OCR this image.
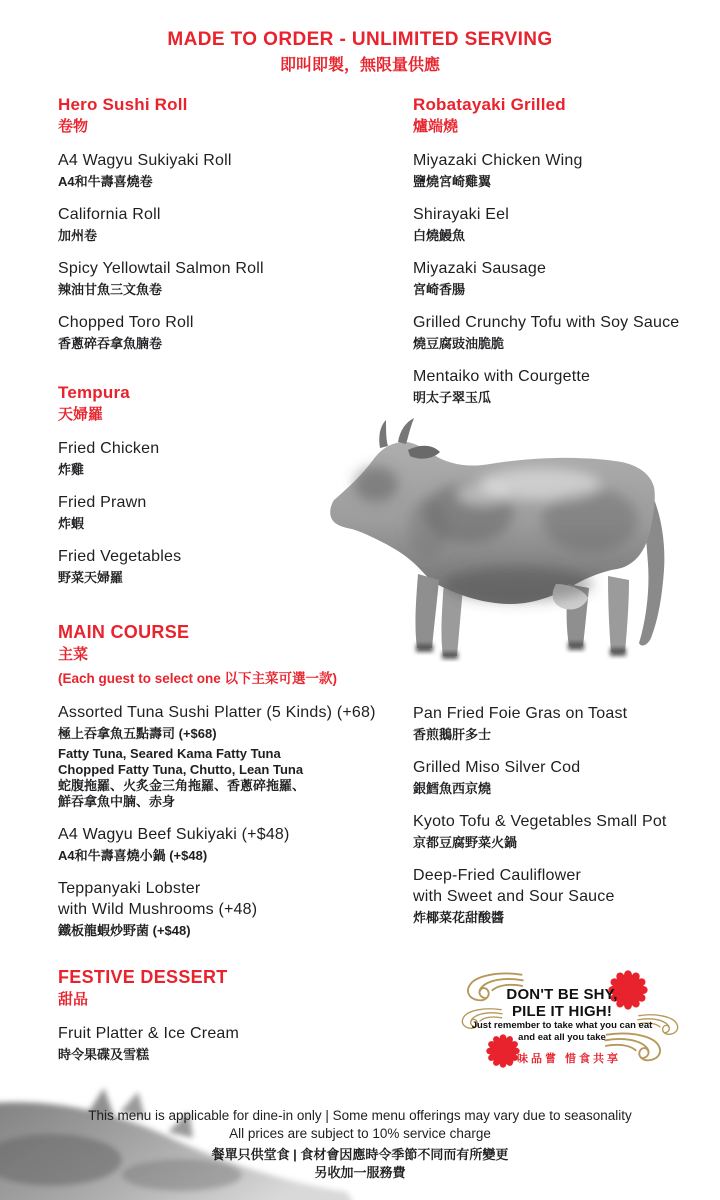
MADE TO ORDER - UNLIMITED SERVING
即叫即製，無限量供應
Hero Sushi Roll
卷物
A4 Wagyu Sukiyaki Roll
A4和牛壽喜燒卷
California Roll
加州卷
Spicy Yellowtail Salmon Roll
辣油甘魚三文魚卷
Chopped Toro Roll
香蔥碎吞拿魚腩卷
Robatayaki Grilled
爐端燒
Miyazaki Chicken Wing
鹽燒宮崎雞翼
Shirayaki Eel
白燒鰻魚
Miyazaki Sausage
宮崎香腸
Grilled Crunchy Tofu with Soy Sauce
燒豆腐豉油脆脆
Mentaiko with Courgette
明太子翠玉瓜
Tempura
天婦羅
Fried Chicken
炸雞
Fried Prawn
炸蝦
Fried Vegetables
野菜天婦羅
MAIN COURSE
主菜
(Each guest to select one 以下主菜可選一款)
Assorted Tuna Sushi Platter (5 Kinds) (+68)
極上吞拿魚五點壽司 (+$68)
Fatty Tuna, Seared Kama Fatty Tuna
Chopped Fatty Tuna, Chutto, Lean Tuna
蛇腹拖羅、火炙金三角拖羅、香蔥碎拖羅、
鮮吞拿魚中腩、赤身
A4 Wagyu Beef Sukiyaki (+$48)
A4和牛壽喜燒小鍋 (+$48)
Teppanyaki Lobster
with Wild Mushrooms (+48)
鐵板龍蝦炒野菌 (+$48)
Pan Fried Foie Gras on Toast
香煎鵝肝多士
Grilled Miso Silver Cod
銀鱈魚西京燒
Kyoto Tofu & Vegetables Small Pot
京都豆腐野菜火鍋
Deep-Fried Cauliflower
with Sweet and Sour Sauce
炸椰菜花甜酸醬
FESTIVE DESSERT
甜品
Fruit Platter & Ice Cream
時令果碟及雪糕
DON'T BE SHY,
PILE IT HIGH!
Just remember to take what you can eat
and eat all you take
細味品嘗 惜食共享
This menu is applicable for dine-in only | Some menu offerings may vary due to seasonality
All prices are subject to 10% service charge
餐單只供堂食 | 食材會因應時令季節不同而有所變更
另收加一服務費
